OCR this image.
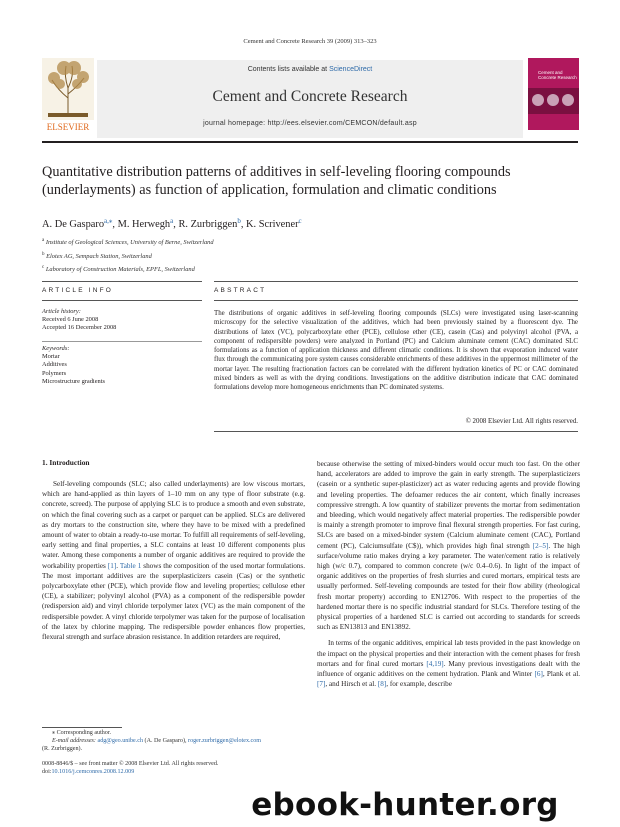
Cement and Concrete Research 39 (2009) 313–323
ELSEVIER
Cement and Concrete Research
Contents lists available at ScienceDirect
Cement and Concrete Research
journal homepage: http://ees.elsevier.com/CEMCON/default.asp
Quantitative distribution patterns of additives in self-leveling flooring compounds (underlayments) as function of application, formulation and climatic conditions
A. De Gasparo$^{a,⁎}$, M. Herwegh$^a$, R. Zurbriggen$^b$, K. Scrivener$^c$
$^a$ Institute of Geological Sciences, University of Berne, Switzerland
$^b$ Elotex AG, Sempach Station, Switzerland
$^c$ Laboratory of Construction Materials, EPFL, Switzerland
ARTICLE INFO	ABSTRACT
Article history:
Received 6 June 2008
Accepted 16 December 2008
Keywords:
Mortar
Additives
Polymers
Microstructure gradients
The distributions of organic additives in self-leveling flooring compounds (SLCs) were investigated using laser-scanning microscopy for the selective visualization of the additives, which had been previously stained by a fluorescent dye. The distributions of latex (VC), polycarboxylate ether (PCE), cellulose ether (CE), casein (Cas) and polyvinyl alcohol (PVA, a component of redispersible powders) were analyzed in Portland (PC) and Calcium aluminate cement (CAC) dominated SLC formulations as a function of application thickness and different climatic conditions. It is shown that evaporation induced water flux through the communicating pore system causes considerable enrichments of these additives in the uppermost millimeter of the mortar layer. The resulting fractionation factors can be correlated with the different hydration kinetics of PC or CAC dominated mixed binders as well as with the drying conditions. Investigations on the additive distribution indicate that CAC dominated formulations develop more homogeneous enrichments than PC dominated systems.
© 2008 Elsevier Ltd. All rights reserved.
1. Introduction

Self-leveling compounds (SLC; also called underlayments) are low viscous mortars, which are hand-applied as thin layers of 1–10 mm on any type of floor substrate (e.g. concrete, screed). The purpose of applying SLC is to produce a smooth and even substrate, on which the final covering such as a carpet or parquet can be applied. SLCs are delivered as dry mortars to the construction site, where they have to be mixed with a predefined amount of water to obtain a ready-to-use mortar. To fulfill all requirements of self-leveling, early setting and final properties, a SLC contains at least 10 different components plus water. Among these components a number of organic additives are required to provide the workability properties [1]. Table 1 shows the composition of the used mortar formulations. The most important additives are the superplasticizers casein (Cas) or the synthetic polycarboxylate ether (PCE), which provide flow and leveling properties; cellulose ether (CE), a stabilizer; polyvinyl alcohol (PVA) as a component of the redispersible powder (redispersion aid) and vinyl chloride terpolymer latex (VC) as the main component of the redispersible powder. A vinyl chloride terpolymer was taken for the purpose of localisation of the latex by chlorine mapping. The redispersible powder enhances flow properties, flexural strength and surface abrasion resistance. In addition retarders are required,

because otherwise the setting of mixed-binders would occur much too fast. On the other hand, accelerators are added to improve the gain in early strength. The superplasticizers (casein or a synthetic super-plasticizer) act as water reducing agents and provide flowing and leveling properties. The defoamer reduces the air content, which finally increases compressive strength. A low quantity of stabilizer prevents the mortar from sedimentation and bleeding, which would negatively affect material properties. The redispersible powder is mainly a strength promoter to improve final flexural strength properties. For fast curing, SLCs are based on a mixed-binder system (Calcium aluminate cement (CAC), Portland cement (PC), Calciumsulfate (C$)), which provides high final strength [2–5]. The high surface/volume ratio makes drying a key parameter. The water/cement ratio is relatively high (w/c 0.7), compared to common concrete (w/c 0.4–0.6). In light of the impact of organic additives on the properties of fresh slurries and cured mortars, empirical tests are usually performed. Self-leveling compounds are tested for their flow ability (rheological fresh mortar property) according to EN12706. With respect to the properties of the hardened mortar there is no specific industrial standard for SLCs. Therefore testing of the physical properties of a hardened SLC is carried out according to standards for screeds such as EN13813 and EN13892.

In terms of the organic additives, empirical lab tests provided in the past knowledge on the impact on the physical properties and their interaction with the cement phases for fresh mortars and for final cured mortars [4,19]. Many previous investigations dealt with the influence of organic additives on the cement hydration. Plank and Winter [6], Plank et al. [7], and Hirsch et al. [8], for example, describe

⁎ Corresponding author.
E-mail addresses: adg@geo.unibe.ch (A. De Gasparo), roger.zurbriggen@elotex.com
(R. Zurbriggen).
0008-8846/$ – see front matter © 2008 Elsevier Ltd. All rights reserved.
doi:10.1016/j.cemconres.2008.12.009
ebook-hunter.org
